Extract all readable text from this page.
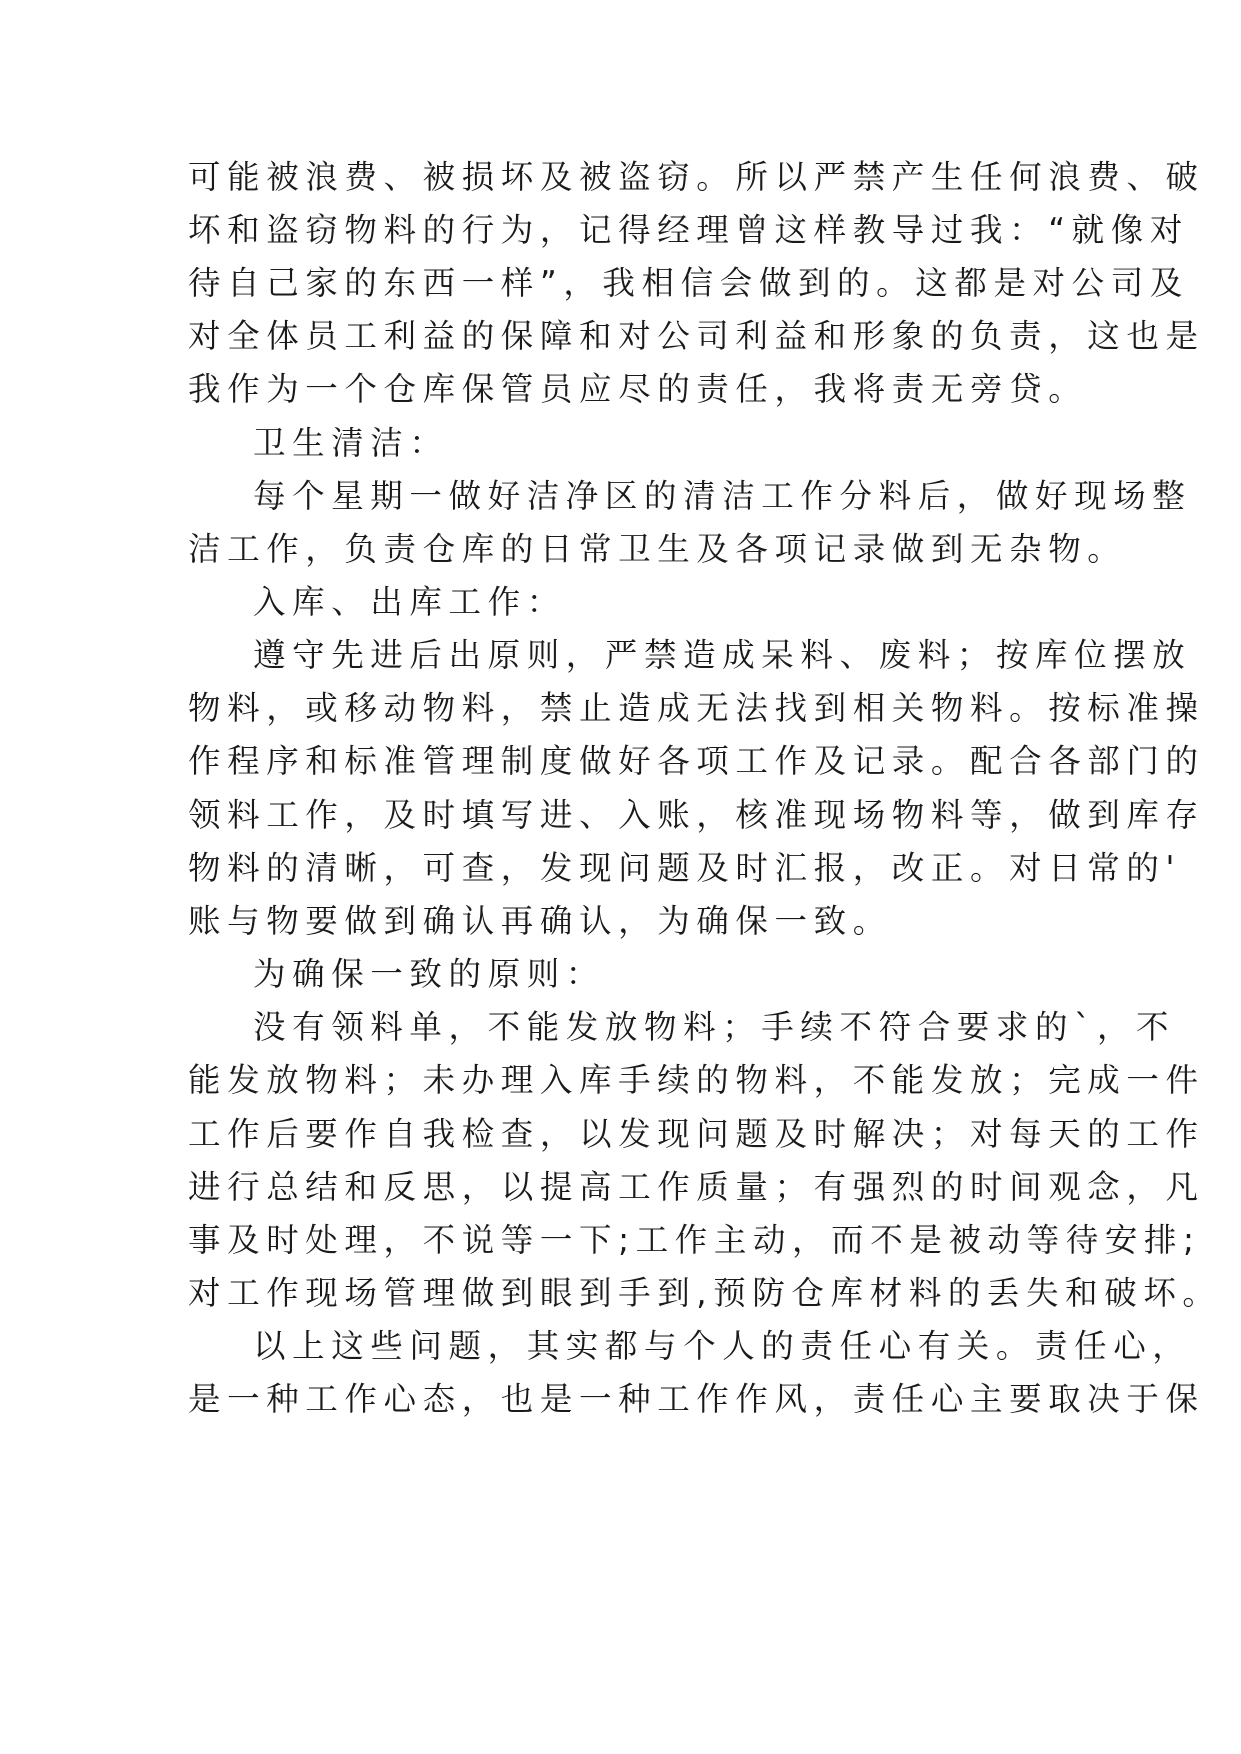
可能被浪费、被损坏及被盗窃。所以严禁产生任何浪费、破
坏和盗窃物料的行为，记得经理曾这样教导过我：“就像对
待自己家的东西一样”，我相信会做到的。这都是对公司及
对全体员工利益的保障和对公司利益和形象的负责，这也是
我作为一个仓库保管员应尽的责任，我将责无旁贷。
卫生清洁：
每个星期一做好洁净区的清洁工作分料后，做好现场整
洁工作，负责仓库的日常卫生及各项记录做到无杂物。
入库、出库工作：
遵守先进后出原则，严禁造成呆料、废料；按库位摆放
物料，或移动物料，禁止造成无法找到相关物料。按标准操
作程序和标准管理制度做好各项工作及记录。配合各部门的
领料工作，及时填写进、入账，核准现场物料等，做到库存
物料的清晰，可查，发现问题及时汇报，改正。对日常的'
账与物要做到确认再确认，为确保一致。
为确保一致的原则：
没有领料单，不能发放物料；手续不符合要求的`，不
能发放物料；未办理入库手续的物料，不能发放；完成一件
工作后要作自我检查，以发现问题及时解决；对每天的工作
进行总结和反思，以提高工作质量；有强烈的时间观念，凡
事及时处理，不说等一下;工作主动，而不是被动等待安排;
对工作现场管理做到眼到手到,预防仓库材料的丢失和破坏。
以上这些问题，其实都与个人的责任心有关。责任心，
是一种工作心态，也是一种工作作风，责任心主要取决于保
